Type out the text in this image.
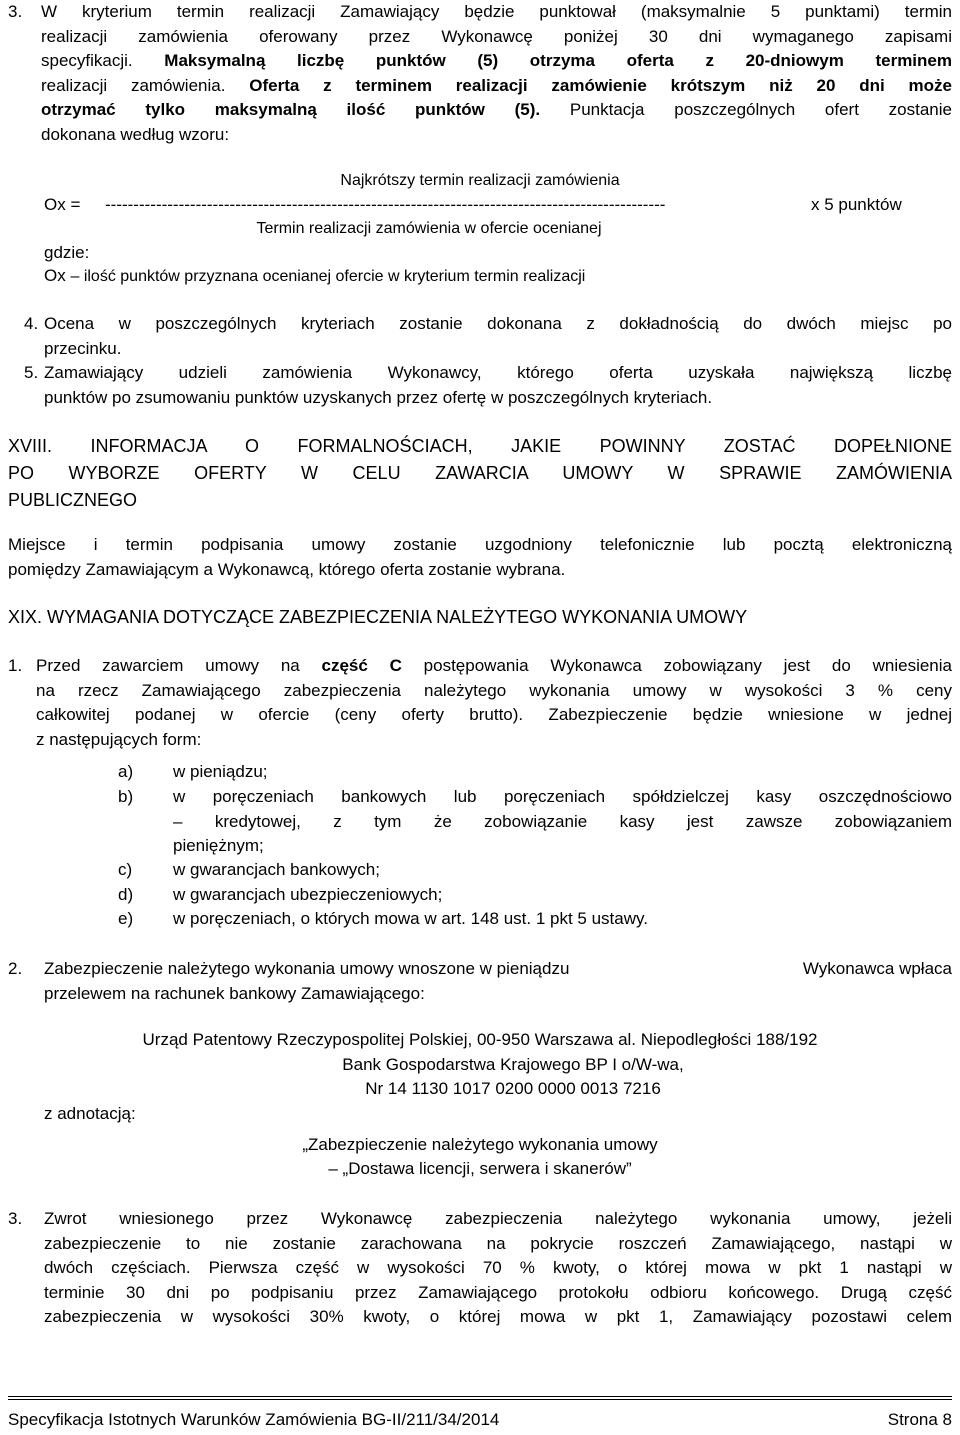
3. W kryterium termin realizacji Zamawiający będzie punktował (maksymalnie 5 punktami) termin
realizacji zamówienia oferowany przez Wykonawcę poniżej 30 dni wymaganego zapisami
specyfikacji. Maksymalną liczbę punktów (5) otrzyma oferta z 20-dniowym terminem
realizacji zamówienia. Oferta z terminem realizacji zamówienie krótszym niż 20 dni może
otrzymać tylko maksymalną ilość punktów (5). Punktacja poszczególnych ofert zostanie
dokonana według wzoru:
Najkrótszy termin realizacji zamówienia
Ox = ---------------------------------------------------------------------------------------------------	x 5 punktów
Termin realizacji zamówienia w ofercie ocenianej
gdzie:
Ox – ilość punktów przyznana ocenianej ofercie w kryterium termin realizacji
4. Ocena w poszczególnych kryteriach zostanie dokonana z dokładnością do dwóch miejsc po
przecinku.
5. Zamawiający udzieli zamówienia Wykonawcy, którego oferta uzyskała największą liczbę
punktów po zsumowaniu punktów uzyskanych przez ofertę w poszczególnych kryteriach.
XVIII. INFORMACJA O FORMALNOŚCIACH, JAKIE POWINNY ZOSTAĆ DOPEŁNIONE
PO WYBORZE OFERTY W CELU ZAWARCIA UMOWY W SPRAWIE ZAMÓWIENIA
PUBLICZNEGO
Miejsce i termin podpisania umowy zostanie uzgodniony telefonicznie lub pocztą elektroniczną
pomiędzy Zamawiającym a Wykonawcą, którego oferta zostanie wybrana.
XIX. WYMAGANIA DOTYCZĄCE ZABEZPIECZENIA NALEŻYTEGO WYKONANIA UMOWY
1. Przed zawarciem umowy na część C postępowania Wykonawca zobowiązany jest do wniesienia
na rzecz Zamawiającego zabezpieczenia należytego wykonania umowy w wysokości 3 % ceny
całkowitej podanej w ofercie (ceny oferty brutto). Zabezpieczenie będzie wniesione w jednej
z następujących form:
a) w pieniądzu;
b) w poręczeniach bankowych lub poręczeniach spółdzielczej kasy oszczędnościowo
– kredytowej, z tym że zobowiązanie kasy jest zawsze zobowiązaniem
pieniężnym;
c) w gwarancjach bankowych;
d) w gwarancjach ubezpieczeniowych;
e) w poręczeniach, o których mowa w art. 148 ust. 1 pkt 5 ustawy.
2. Zabezpieczenie należytego wykonania umowy wnoszone w pieniądzu	Wykonawca wpłaca
przelewem na rachunek bankowy Zamawiającego:
Urząd Patentowy Rzeczypospolitej Polskiej, 00-950 Warszawa al. Niepodległości 188/192
Bank Gospodarstwa Krajowego BP I o/W-wa,
Nr 14 1130 1017 0200 0000 0013 7216
z adnotacją:
„Zabezpieczenie należytego wykonania umowy
– „Dostawa licencji, serwera i skanerów”
3. Zwrot wniesionego przez Wykonawcę zabezpieczenia należytego wykonania umowy, jeżeli
zabezpieczenie to nie zostanie zarachowana na pokrycie roszczeń Zamawiającego, nastąpi w
dwóch częściach. Pierwsza część w wysokości 70 % kwoty, o której mowa w pkt 1 nastąpi w
terminie 30 dni po podpisaniu przez Zamawiającego protokołu odbioru końcowego. Drugą część
zabezpieczenia w wysokości 30% kwoty, o której mowa w pkt 1, Zamawiający pozostawi celem
Specyfikacja Istotnych Warunków Zamówienia BG-II/211/34/2014	Strona 8
